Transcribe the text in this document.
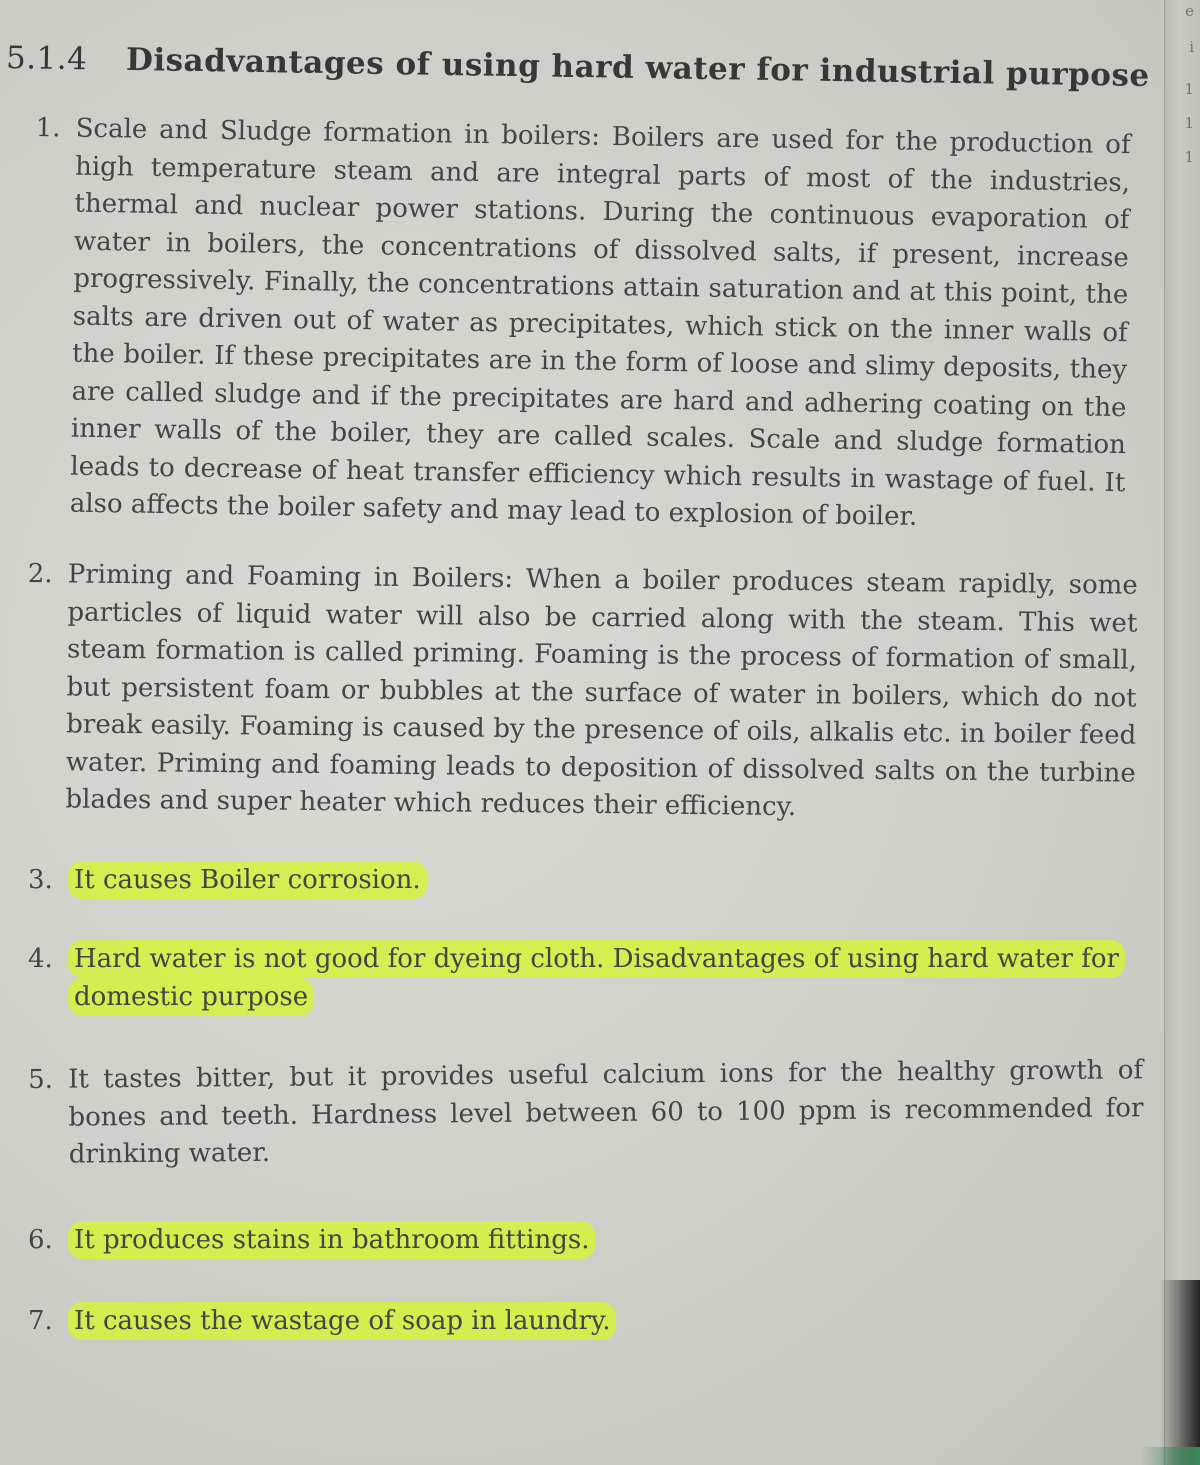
e
i
1
1
1
5.1.4 Disadvantages of using hard water for industrial purpose
1. Scale and Sludge formation in boilers: Boilers are used for the production of high temperature steam and are integral parts of most of the industries, thermal and nuclear power stations. During the continuous evaporation of water in boilers, the concentrations of dissolved salts, if present, increase progressively. Finally, the concentrations attain saturation and at this point, the salts are driven out of water as precipitates, which stick on the inner walls of the boiler. If these precipitates are in the form of loose and slimy deposits, they are called sludge and if the precipitates are hard and adhering coating on the inner walls of the boiler, they are called scales. Scale and sludge formation leads to decrease of heat transfer efficiency which results in wastage of fuel. It also affects the boiler safety and may lead to explosion of boiler.
2. Priming and Foaming in Boilers: When a boiler produces steam rapidly, some particles of liquid water will also be carried along with the steam. This wet steam formation is called priming. Foaming is the process of formation of small, but persistent foam or bubbles at the surface of water in boilers, which do not break easily. Foaming is caused by the presence of oils, alkalis etc. in boiler feed water. Priming and foaming leads to deposition of dissolved salts on the turbine blades and super heater which reduces their efficiency.
3. It causes Boiler corrosion.
4. Hard water is not good for dyeing cloth. Disadvantages of using hard water for domestic purpose
5. It tastes bitter, but it provides useful calcium ions for the healthy growth of bones and teeth. Hardness level between 60 to 100 ppm is recommended for drinking water.
6. It produces stains in bathroom fittings.
7. It causes the wastage of soap in laundry.
